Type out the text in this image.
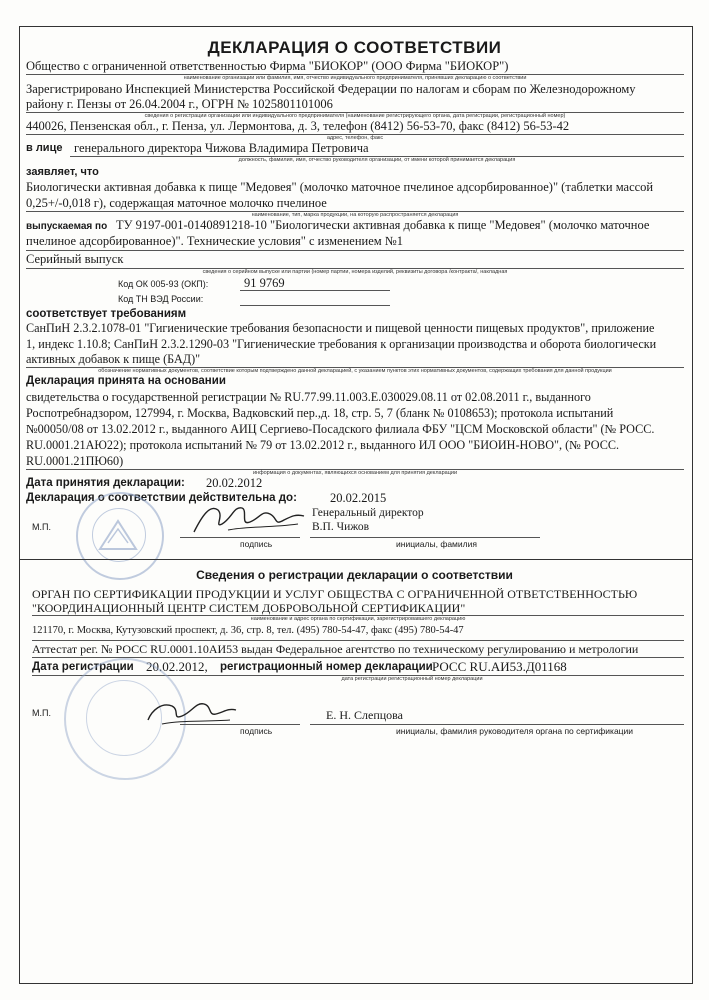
ДЕКЛАРАЦИЯ О СООТВЕТСТВИИ
Общество с ограниченной ответственностью Фирма "БИОКОР" (ООО Фирма "БИОКОР")
наименование организации или фамилия, имя, отчество индивидуального предпринимателя, принявших декларацию о соответствии
Зарегистрировано Инспекцией Министерства Российской Федерации по налогам и сборам по Железнодорожному
району г. Пензы от 26.04.2004 г., ОГРН № 1025801101006
сведения о регистрации организации или индивидуального предпринимателя (наименование регистрирующего органа, дата регистрации, регистрационный номер)
440026, Пензенская обл., г. Пенза, ул. Лермонтова, д. 3, телефон (8412) 56-53-70, факс (8412) 56-53-42
адрес, телефон, факс
в лице генерального директора Чижова Владимира Петровича
должность, фамилия, имя, отчество руководителя организации, от имени которой принимается декларация
заявляет, что
Биологически активная добавка к пище "Медовея" (молочко маточное пчелиное адсорбированное)" (таблетки массой
0,25+/-0,018 г), содержащая маточное молочко пчелиное
наименование, тип, марка продукции, на которую распространяется декларация
выпускаемая по ТУ 9197-001-0140891218-10 "Биологически активная добавка к пище "Медовея" (молочко маточное
пчелиное адсорбированное)". Технические условия" с изменением №1
Серийный выпуск
сведения о серийном выпуске или партии (номер партии, номера изделий, реквизиты договора /контракта/, накладная
Код ОК 005-93 (ОКП):	91 9769
Код ТН ВЭД России:
соответствует требованиям
СанПиН 2.3.2.1078-01 "Гигиенические требования безопасности и пищевой ценности пищевых продуктов", приложение
1, индекс 1.10.8; СанПиН 2.3.2.1290-03 "Гигиенические требования к организации производства и оборота биологически
активных добавок к пище (БАД)"
обозначение нормативных документов, соответствие которым подтверждено данной декларацией, с указанием пунктов этих нормативных документов, содержащих требования для данной продукции
Декларация принята на основании
свидетельства о государственной регистрации № RU.77.99.11.003.Е.030029.08.11 от 02.08.2011 г., выданного
Роспотребнадзором, 127994, г. Москва, Вадковский пер.,д. 18, стр. 5, 7 (бланк № 0108653); протокола испытаний
№00050/08 от 13.02.2012 г., выданного АИЦ Сергиево-Посадского филиала ФБУ "ЦСМ Московской области" (№ РОСС.
RU.0001.21АЮ22); протокола испытаний № 79 от 13.02.2012 г., выданного ИЛ ООО "БИОИН-НОВО", (№ РОСС.
RU.0001.21ПЮ60)
информация о документах, являющихся основанием для принятия декларации
Дата принятия декларации: 20.02.2012
Декларация о соответствии действительна до:	20.02.2015
М.П.
подпись
Генеральный директор
В.П. Чижов
инициалы, фамилия
Сведения о регистрации декларации о соответствии
ОРГАН ПО СЕРТИФИКАЦИИ ПРОДУКЦИИ И УСЛУГ ОБЩЕСТВА С ОГРАНИЧЕННОЙ ОТВЕТСТВЕННОСТЬЮ
"КООРДИНАЦИОННЫЙ ЦЕНТР СИСТЕМ ДОБРОВОЛЬНОЙ СЕРТИФИКАЦИИ"
наименование и адрес органа по сертификации, зарегистрировавшего декларацию
121170, г. Москва, Кутузовский проспект, д. 36, стр. 8, тел. (495) 780-54-47, факс (495) 780-54-47
Аттестат рег. № РОСС RU.0001.10АИ53 выдан Федеральное агентство по техническому регулированию и метрологии
Дата регистрации 20.02.2012, регистрационный номер декларации РОСС RU.АИ53.Д01168
дата регистрации регистрационный номер декларации
М.П.
подпись
Е. Н. Слепцова
инициалы, фамилия руководителя органа по сертификации
